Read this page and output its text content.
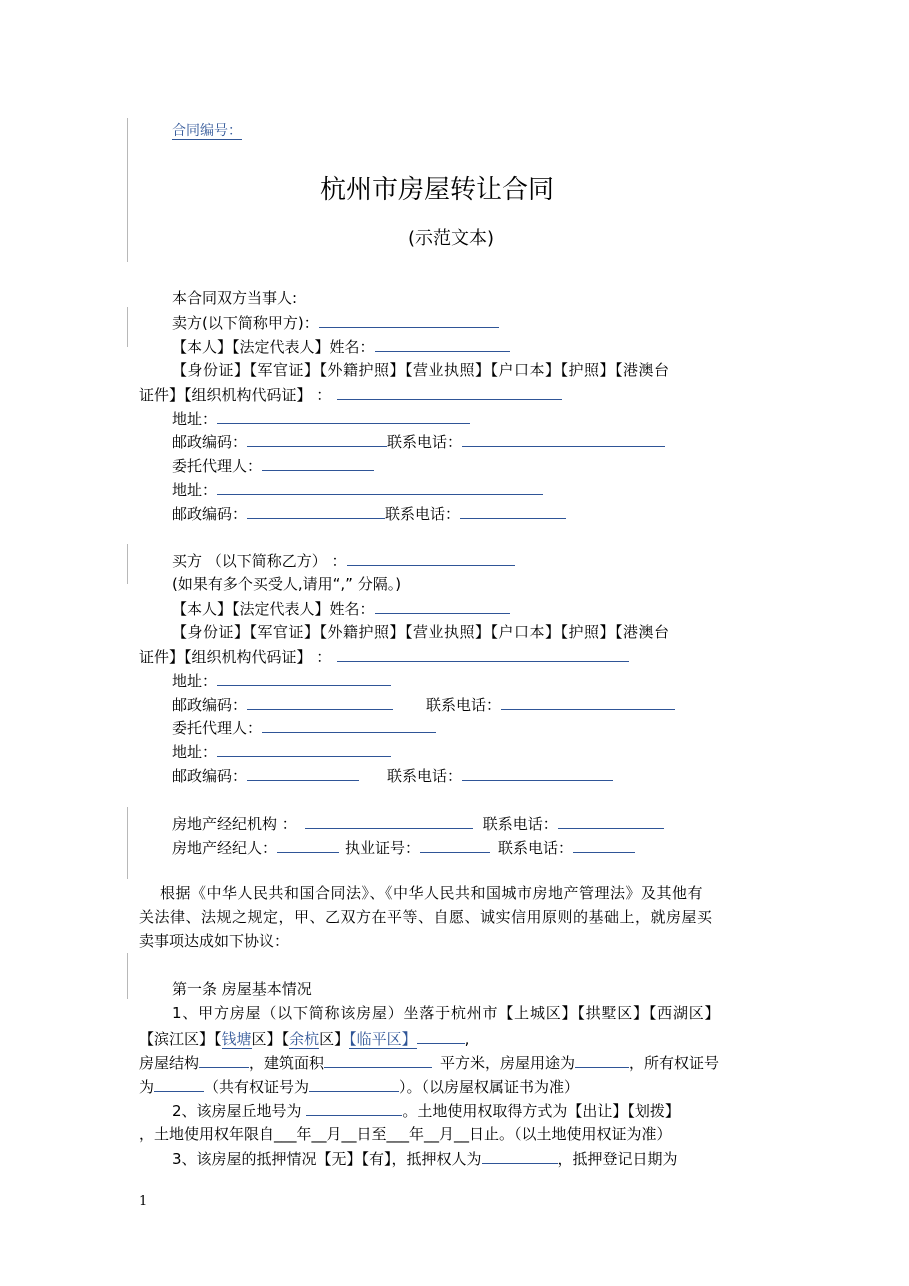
合同编号：
杭州市房屋转让合同
(示范文本)
本合同双方当事人:
卖方(以下简称甲方)：
【本人】【法定代表人】姓名：
【身份证】【军官证】【外籍护照】【营业执照】【户口本】【护照】【港澳台
证件】【组织机构代码证】 ：
地址：
邮政编码：	联系电话：
委托代理人：
地址：
邮政编码：	联系电话：
买方 （以下简称乙方） ：
(如果有多个买受人,请用“,” 分隔。)
【本人】【法定代表人】姓名：
【身份证】【军官证】【外籍护照】【营业执照】【户口本】【护照】【港澳台
证件】【组织机构代码证】 ：
地址：
邮政编码：	联系电话：
委托代理人：
地址：
邮政编码：	联系电话：
房地产经纪机构 ：	联系电话：
房地产经纪人：	执业证号：	联系电话：
根据《中华人民共和国合同法》、《中华人民共和国城市房地产管理法》及其他有
关法律、法规之规定，甲、乙双方在平等、自愿、诚实信用原则的基础上，就房屋买
卖事项达成如下协议：
第一条 房屋基本情况
1、甲方房屋（以下简称该房屋）坐落于杭州市【上城区】【拱墅区】【西湖区】
【滨江区】【钱塘区】【余杭区】【临平区】	,
房屋结构	，建筑面积	平方米，房屋用途为	，所有权证号
为	（共有权证号为	）。（以房屋权属证书为准）
2、该房屋丘地号为	。土地使用权取得方式为【出让】【划拨】
，土地使用权年限自___年__月__日至___年__月__日止。（以土地使用权证为准）
3、该房屋的抵押情况【无】【有】，抵押权人为	，抵押登记日期为
1
